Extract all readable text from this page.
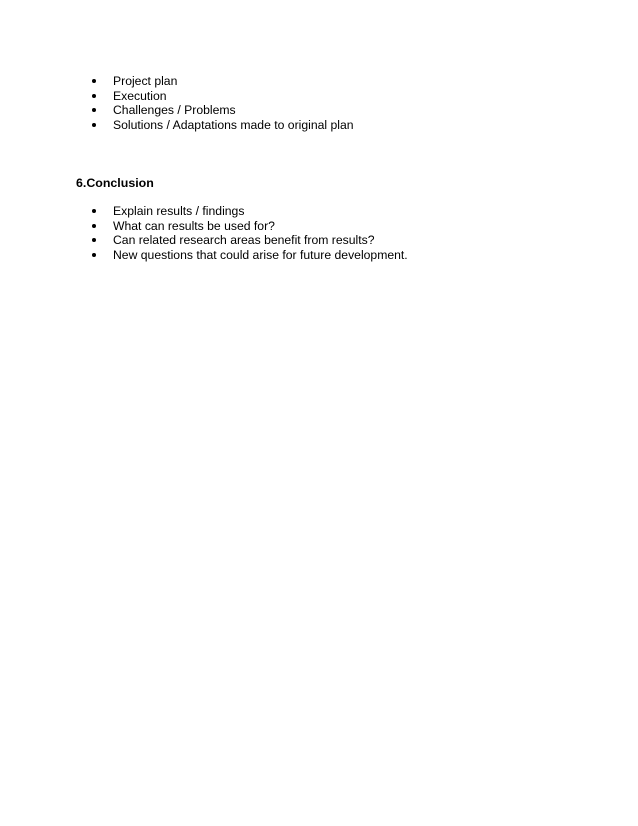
Project plan
Execution
Challenges / Problems
Solutions / Adaptations made to original plan
6.Conclusion
Explain results / findings
What can results be used for?
Can related research areas benefit from results?
New questions that could arise for future development.
